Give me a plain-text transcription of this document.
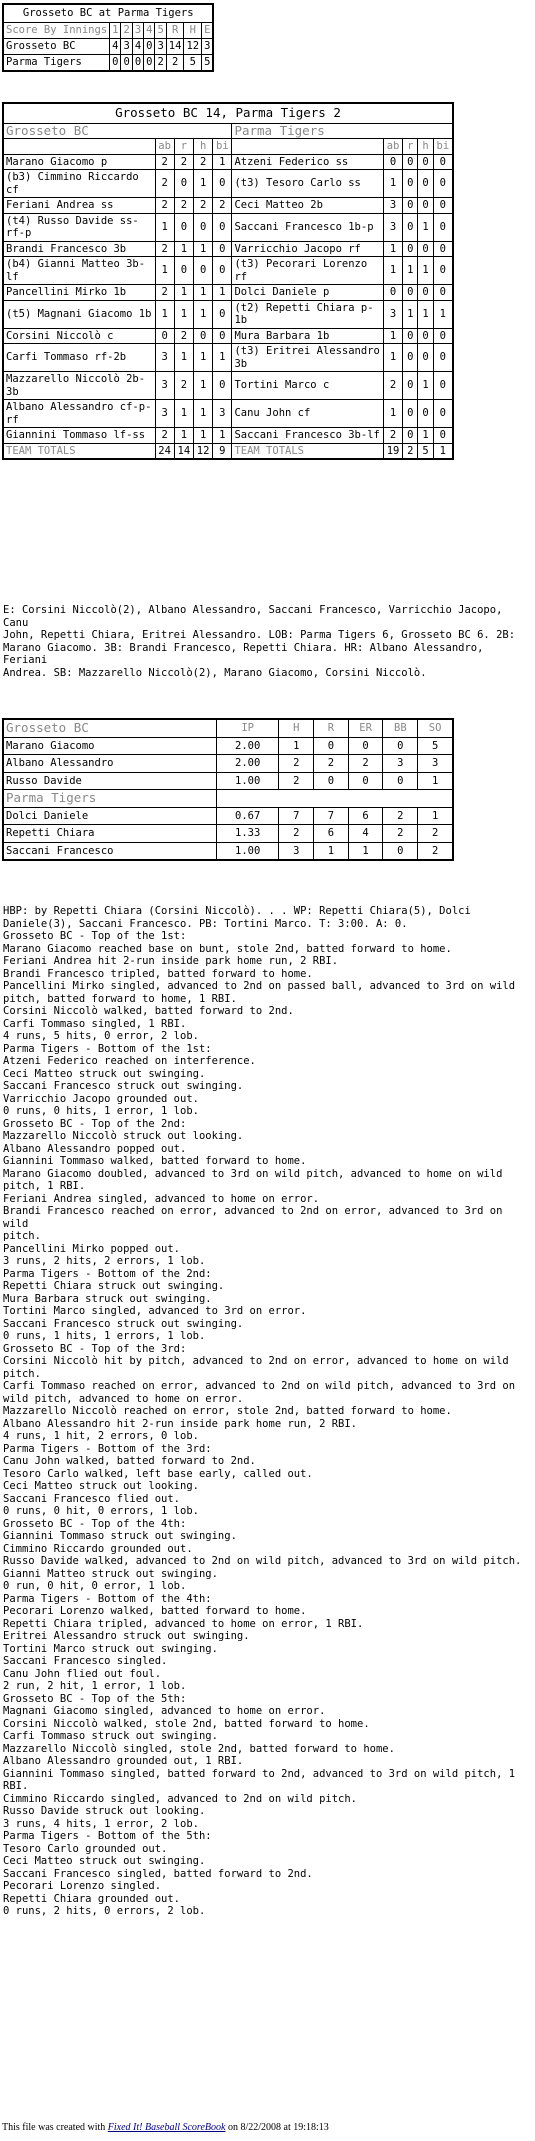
Grosseto BC at Parma Tigers								
Score By Innings	1	2	3	4	5	R	H	E
Grosseto BC	4	3	4	0	3	14	12	3
Parma Tigers	0	0	0	0	2	2	5	5
Grosseto BC 14, Parma Tigers 2									
Grosseto BC					Parma Tigers				
	ab	r	h	bi		ab	r	h	bi
Marano Giacomo p	2	2	2	1	Atzeni Federico ss	0	0	0	0
(b3) Cimmino Riccardo cf	2	0	1	0	(t3) Tesoro Carlo ss	1	0	0	0
Feriani Andrea ss	2	2	2	2	Ceci Matteo 2b	3	0	0	0
(t4) Russo Davide ss-rf-p	1	0	0	0	Saccani Francesco 1b-p	3	0	1	0
Brandi Francesco 3b	2	1	1	0	Varricchio Jacopo rf	1	0	0	0
(b4) Gianni Matteo 3b-lf	1	0	0	0	(t3) Pecorari Lorenzo rf	1	1	1	0
Pancellini Mirko 1b	2	1	1	1	Dolci Daniele p	0	0	0	0
(t5) Magnani Giacomo 1b	1	1	1	0	(t2) Repetti Chiara p-1b	3	1	1	1
Corsini Niccolò c	0	2	0	0	Mura Barbara 1b	1	0	0	0
Carfi Tommaso rf-2b	3	1	1	1	(t3) Eritrei Alessandro 3b	1	0	0	0
Mazzarello Niccolò 2b-3b	3	2	1	0	Tortini Marco c	2	0	1	0
Albano Alessandro cf-p-rf	3	1	1	3	Canu John cf	1	0	0	0
Giannini Tommaso lf-ss	2	1	1	1	Saccani Francesco 3b-lf	2	0	1	0
TEAM TOTALS	24	14	12	9	TEAM TOTALS	19	2	5	1

E: Corsini Niccolò(2), Albano Alessandro, Saccani Francesco, Varricchio Jacopo, Canu

John, Repetti Chiara, Eritrei Alessandro. LOB: Parma Tigers 6, Grosseto BC 6. 2B:

Marano Giacomo. 3B: Brandi Francesco, Repetti Chiara. HR: Albano Alessandro, Feriani

Andrea. SB: Mazzarello Niccolò(2), Marano Giacomo, Corsini Niccolò.

Grosseto BC	IP	H	R	ER	BB	SO
Marano Giacomo	2.00	1	0	0	0	5
Albano Alessandro	2.00	2	2	2	3	3
Russo Davide	1.00	2	0	0	0	1
Parma Tigers						
Dolci Daniele	0.67	7	7	6	2	1
Repetti Chiara	1.33	2	6	4	2	2
Saccani Francesco	1.00	3	1	1	0	2

HBP: by Repetti Chiara (Corsini Niccolò). . . WP: Repetti Chiara(5), Dolci

Daniele(3), Saccani Francesco. PB: Tortini Marco. T: 3:00. A: 0.

Grosseto BC - Top of the 1st:

Marano Giacomo reached base on bunt, stole 2nd, batted forward to home.

Feriani Andrea hit 2-run inside park home run, 2 RBI.

Brandi Francesco tripled, batted forward to home.

Pancellini Mirko singled, advanced to 2nd on passed ball, advanced to 3rd on wild

pitch, batted forward to home, 1 RBI.

Corsini Niccolò walked, batted forward to 2nd.

Carfi Tommaso singled, 1 RBI.

4 runs, 5 hits, 0 error, 2 lob.

Parma Tigers - Bottom of the 1st:

Atzeni Federico reached on interference.

Ceci Matteo struck out swinging.

Saccani Francesco struck out swinging.

Varricchio Jacopo grounded out.

0 runs, 0 hits, 1 error, 1 lob.

Grosseto BC - Top of the 2nd:

Mazzarello Niccolò struck out looking.

Albano Alessandro popped out.

Giannini Tommaso walked, batted forward to home.

Marano Giacomo doubled, advanced to 3rd on wild pitch, advanced to home on wild

pitch, 1 RBI.

Feriani Andrea singled, advanced to home on error.

Brandi Francesco reached on error, advanced to 2nd on error, advanced to 3rd on wild

pitch.

Pancellini Mirko popped out.

3 runs, 2 hits, 2 errors, 1 lob.

Parma Tigers - Bottom of the 2nd:

Repetti Chiara struck out swinging.

Mura Barbara struck out swinging.

Tortini Marco singled, advanced to 3rd on error.

Saccani Francesco struck out swinging.

0 runs, 1 hits, 1 errors, 1 lob.

Grosseto BC - Top of the 3rd:

Corsini Niccolò hit by pitch, advanced to 2nd on error, advanced to home on wild

pitch.

Carfi Tommaso reached on error, advanced to 2nd on wild pitch, advanced to 3rd on

wild pitch, advanced to home on error.

Mazzarello Niccolò reached on error, stole 2nd, batted forward to home.

Albano Alessandro hit 2-run inside park home run, 2 RBI.

4 runs, 1 hit, 2 errors, 0 lob.

Parma Tigers - Bottom of the 3rd:

Canu John walked, batted forward to 2nd.

Tesoro Carlo walked, left base early, called out.

Ceci Matteo struck out looking.

Saccani Francesco flied out.

0 runs, 0 hit, 0 errors, 1 lob.

Grosseto BC - Top of the 4th:

Giannini Tommaso struck out swinging.

Cimmino Riccardo grounded out.

Russo Davide walked, advanced to 2nd on wild pitch, advanced to 3rd on wild pitch.

Gianni Matteo struck out swinging.

0 run, 0 hit, 0 error, 1 lob.

Parma Tigers - Bottom of the 4th:

Pecorari Lorenzo walked, batted forward to home.

Repetti Chiara tripled, advanced to home on error, 1 RBI.

Eritrei Alessandro struck out swinging.

Tortini Marco struck out swinging.

Saccani Francesco singled.

Canu John flied out foul.

2 run, 2 hit, 1 error, 1 lob.

Grosseto BC - Top of the 5th:

Magnani Giacomo singled, advanced to home on error.

Corsini Niccolò walked, stole 2nd, batted forward to home.

Carfi Tommaso struck out swinging.

Mazzarello Niccolò singled, stole 2nd, batted forward to home.

Albano Alessandro grounded out, 1 RBI.

Giannini Tommaso singled, batted forward to 2nd, advanced to 3rd on wild pitch, 1 RBI.

Cimmino Riccardo singled, advanced to 2nd on wild pitch.

Russo Davide struck out looking.

3 runs, 4 hits, 1 error, 2 lob.

Parma Tigers - Bottom of the 5th:

Tesoro Carlo grounded out.

Ceci Matteo struck out swinging.

Saccani Francesco singled, batted forward to 2nd.

Pecorari Lorenzo singled.

Repetti Chiara grounded out.

0 runs, 2 hits, 0 errors, 2 lob.

This file was created with Fixed It! Baseball ScoreBook on 8/22/2008 at 19:18:13
